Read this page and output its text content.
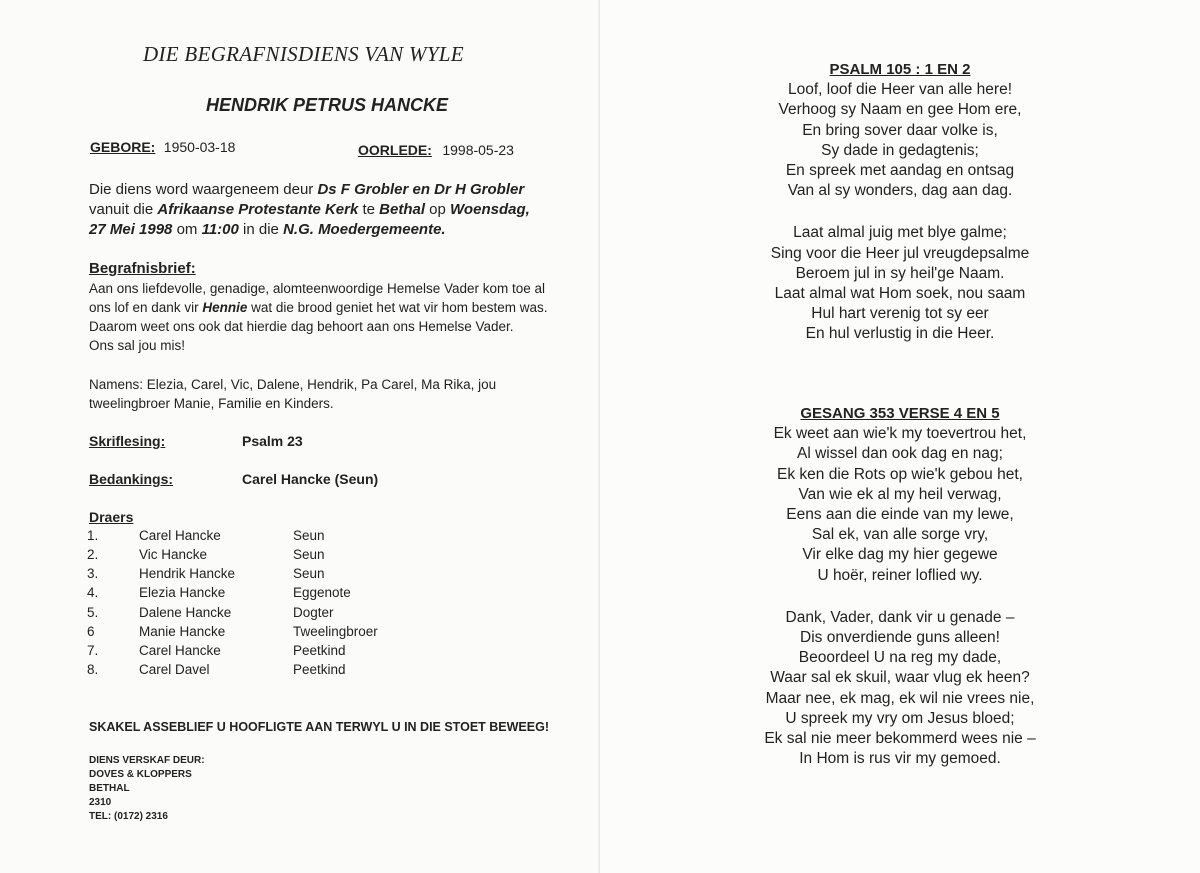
DIE BEGRAFNISDIENS VAN WYLE
HENDRIK PETRUS HANCKE
GEBORE: 1950-03-18	OORLEDE: 1998-05-23
Die diens word waargeneem deur Ds F Grobler en Dr H Grobler
vanuit die Afrikaanse Protestante Kerk te Bethal op Woensdag,
27 Mei 1998 om 11:00 in die N.G. Moedergemeente.
Begrafnisbrief:
Aan ons liefdevolle, genadige, alomteenwoordige Hemelse Vader kom toe al
ons lof en dank vir Hennie wat die brood geniet het wat vir hom bestem was.
Daarom weet ons ook dat hierdie dag behoort aan ons Hemelse Vader.
Ons sal jou mis!
Namens: Elezia, Carel, Vic, Dalene, Hendrik, Pa Carel, Ma Rika, jou
tweelingbroer Manie, Familie en Kinders.
Skriflesing:	Psalm 23
Bedankings:	Carel Hancke (Seun)
Draers
1.	Carel Hancke	Seun
2.	Vic Hancke	Seun
3.	Hendrik Hancke	Seun
4.	Elezia Hancke	Eggenote
5.	Dalene Hancke	Dogter
6	Manie Hancke	Tweelingbroer
7.	Carel Hancke	Peetkind
8.	Carel Davel	Peetkind
SKAKEL ASSEBLIEF U HOOFLIGTE AAN TERWYL U IN DIE STOET BEWEEG!
DIENS VERSKAF DEUR:
DOVES & KLOPPERS
BETHAL
2310
TEL: (0172) 2316
PSALM 105 : 1 EN 2
Loof, loof die Heer van alle here!
Verhoog sy Naam en gee Hom ere,
En bring sover daar volke is,
Sy dade in gedagtenis;
En spreek met aandag en ontsag
Van al sy wonders, dag aan dag.
Laat almal juig met blye galme;
Sing voor die Heer jul vreugdepsalme
Beroem jul in sy heil'ge Naam.
Laat almal wat Hom soek, nou saam
Hul hart verenig tot sy eer
En hul verlustig in die Heer.
GESANG 353 VERSE 4 EN 5
Ek weet aan wie'k my toevertrou het,
Al wissel dan ook dag en nag;
Ek ken die Rots op wie'k gebou het,
Van wie ek al my heil verwag,
Eens aan die einde van my lewe,
Sal ek, van alle sorge vry,
Vir elke dag my hier gegewe
U hoër, reiner loflied wy.
Dank, Vader, dank vir u genade –
Dis onverdiende guns alleen!
Beoordeel U na reg my dade,
Waar sal ek skuil, waar vlug ek heen?
Maar nee, ek mag, ek wil nie vrees nie,
U spreek my vry om Jesus bloed;
Ek sal nie meer bekommerd wees nie –
In Hom is rus vir my gemoed.
